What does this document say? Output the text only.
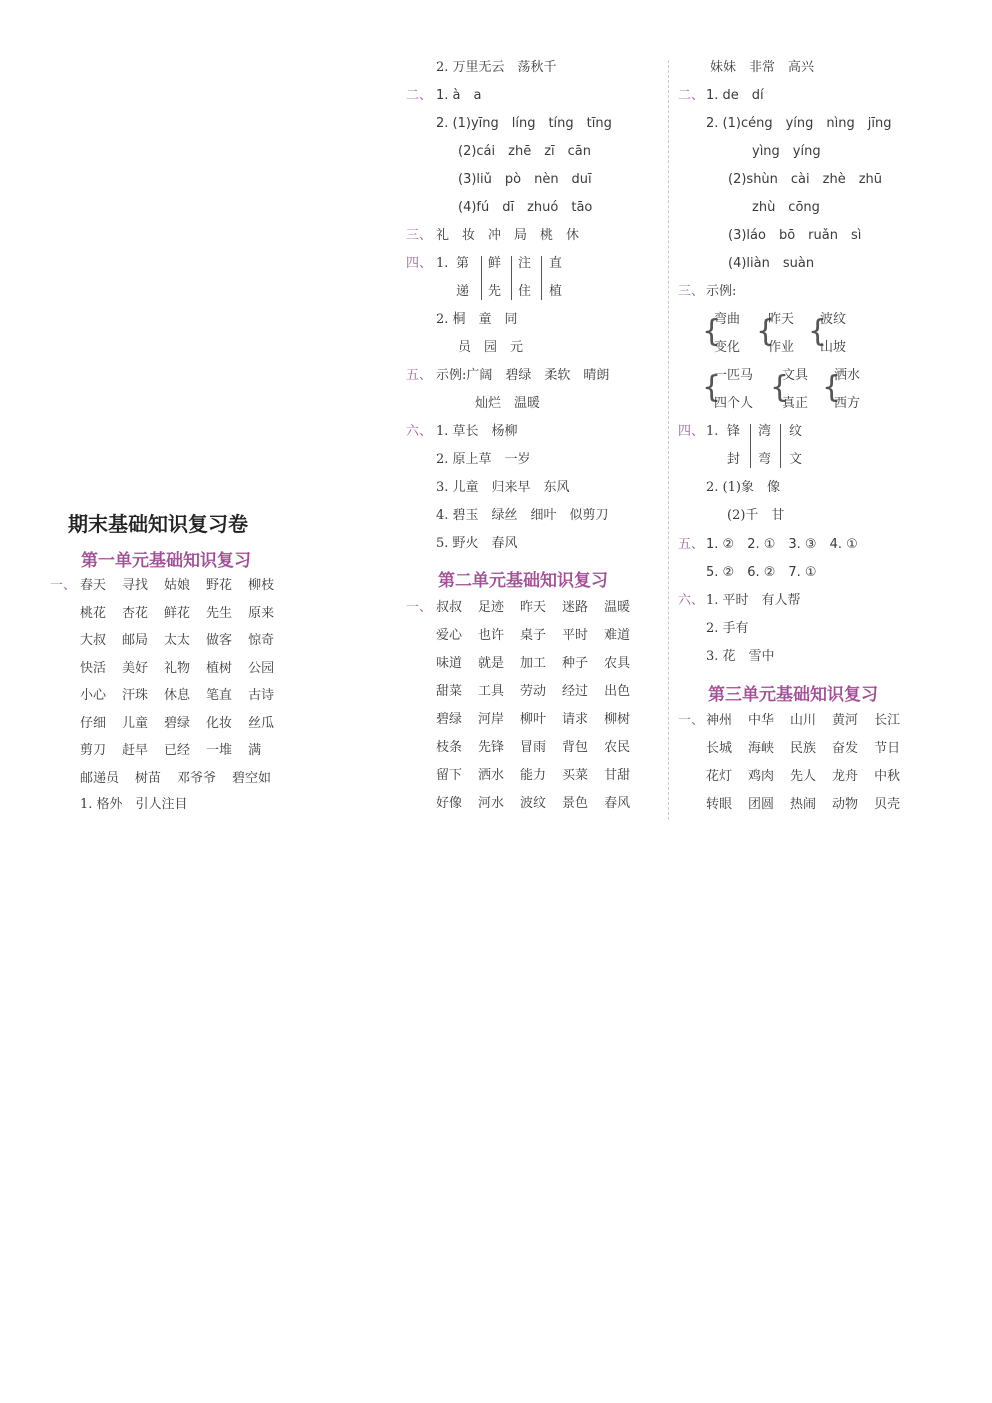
期末基础知识复习卷
第一单元基础知识复习
一、 春天 寻找 姑娘 野花 柳枝
桃花 杏花 鲜花 先生 原来
大叔 邮局 太太 做客 惊奇
快活 美好 礼物 植树 公园
小心 汗珠 休息 笔直 古诗
仔细 儿童 碧绿 化妆 丝瓜
剪刀 赶早 已经 一堆 满
邮递员 树苗 邓爷爷 碧空如
1. 格外　引人注目
2. 万里无云　荡秋千
二、 1. à　a
2. (1)yīng　líng　tíng　tīng
(2)cái　zhē　zī　cān
(3)liǔ　pò　nèn　duī
(4)fú　dī　zhuó　tāo
三、 礼　妆　冲　局　桃　休
四、 1. 第 鲜 注 直
递 先 住 植
2. 桐　童　同
员　园　元
五、 示例:广阔　碧绿　柔软　晴朗
灿烂　温暖
六、 1. 草长　杨柳
2. 原上草　一岁
3. 儿童　归来早　东风
4. 碧玉　绿丝　细叶　似剪刀
5. 野火　春风
第二单元基础知识复习
一、 叔叔 足迹 昨天 迷路 温暖
爱心 也许 桌子 平时 难道
味道 就是 加工 种子 农具
甜菜 工具 劳动 经过 出色
碧绿 河岸 柳叶 请求 柳树
枝条 先锋 冒雨 背包 农民
留下 洒水 能力 买菜 甘甜
好像 河水 波纹 景色 春风
妹妹　非常　高兴
二、 1. de　dí
2. (1)céng　yíng　nìng　jīng
yìng　yíng
(2)shùn　cài　zhè　zhū
zhù　cōng
(3)láo　bō　ruǎn　sì
(4)liàn　suàn
三、 示例:
{
弯曲
变化 {
昨天
作业 {
波纹
山坡
{
一匹马
四个人 {
文具
真正 {
洒水
西方
四、 1. 锋 湾 纹
封 弯 文
2. (1)象　像
(2)千　甘
五、 1. ②　2. ①　3. ③　4. ①
5. ②　6. ②　7. ①
六、 1. 平时　有人帮
2. 手有
3. 花　雪中
第三单元基础知识复习
一、 神州 中华 山川 黄河 长江
长城 海峡 民族 奋发 节日
花灯 鸡肉 先人 龙舟 中秋
转眼 团圆 热闹 动物 贝壳
